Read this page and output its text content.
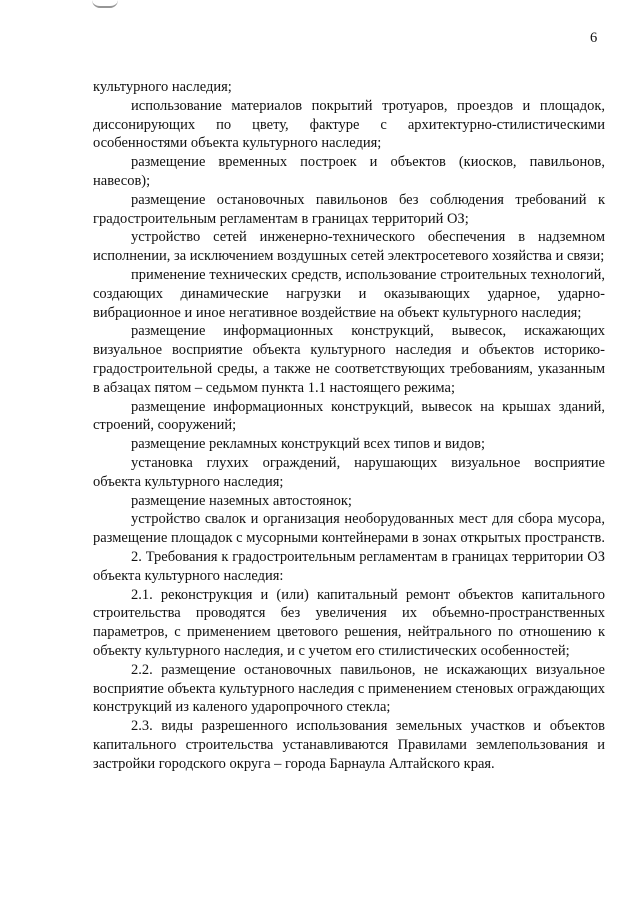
6

культурного наследия;

использование материалов покрытий тротуаров, проездов и площадок, диссонирующих по цвету, фактуре с архитектурно-стилистическими особенностями объекта культурного наследия;

размещение временных построек и объектов (киосков, павильонов, навесов);

размещение остановочных павильонов без соблюдения требований к градостроительным регламентам в границах территорий ОЗ;

устройство сетей инженерно-технического обеспечения в надземном исполнении, за исключением воздушных сетей электросетевого хозяйства и связи;

применение технических средств, использование строительных технологий, создающих динамические нагрузки и оказывающих ударное, ударно-вибрационное и иное негативное воздействие на объект культурного наследия;

размещение информационных конструкций, вывесок, искажающих визуальное восприятие объекта культурного наследия и объектов историко-градостроительной среды, а также не соответствующих требованиям, указанным в абзацах пятом – седьмом пункта 1.1 настоящего режима;

размещение информационных конструкций, вывесок на крышах зданий, строений, сооружений;

размещение рекламных конструкций всех типов и видов;

установка глухих ограждений, нарушающих визуальное восприятие объекта культурного наследия;

размещение наземных автостоянок;

устройство свалок и организация необорудованных мест для сбора мусора, размещение площадок с мусорными контейнерами в зонах открытых пространств.

2. Требования к градостроительным регламентам в границах территории ОЗ объекта культурного наследия:

2.1. реконструкция и (или) капитальный ремонт объектов капитального строительства проводятся без увеличения их объемно-пространственных параметров, с применением цветового решения, нейтрального по отношению к объекту культурного наследия, и с учетом его стилистических особенностей;

2.2. размещение остановочных павильонов, не искажающих визуальное восприятие объекта культурного наследия с применением стеновых ограждающих конструкций из каленого ударопрочного стекла;

2.3. виды разрешенного использования земельных участков и объектов капитального строительства устанавливаются Правилами землепользования и застройки городского округа – города Барнаула Алтайского края.
